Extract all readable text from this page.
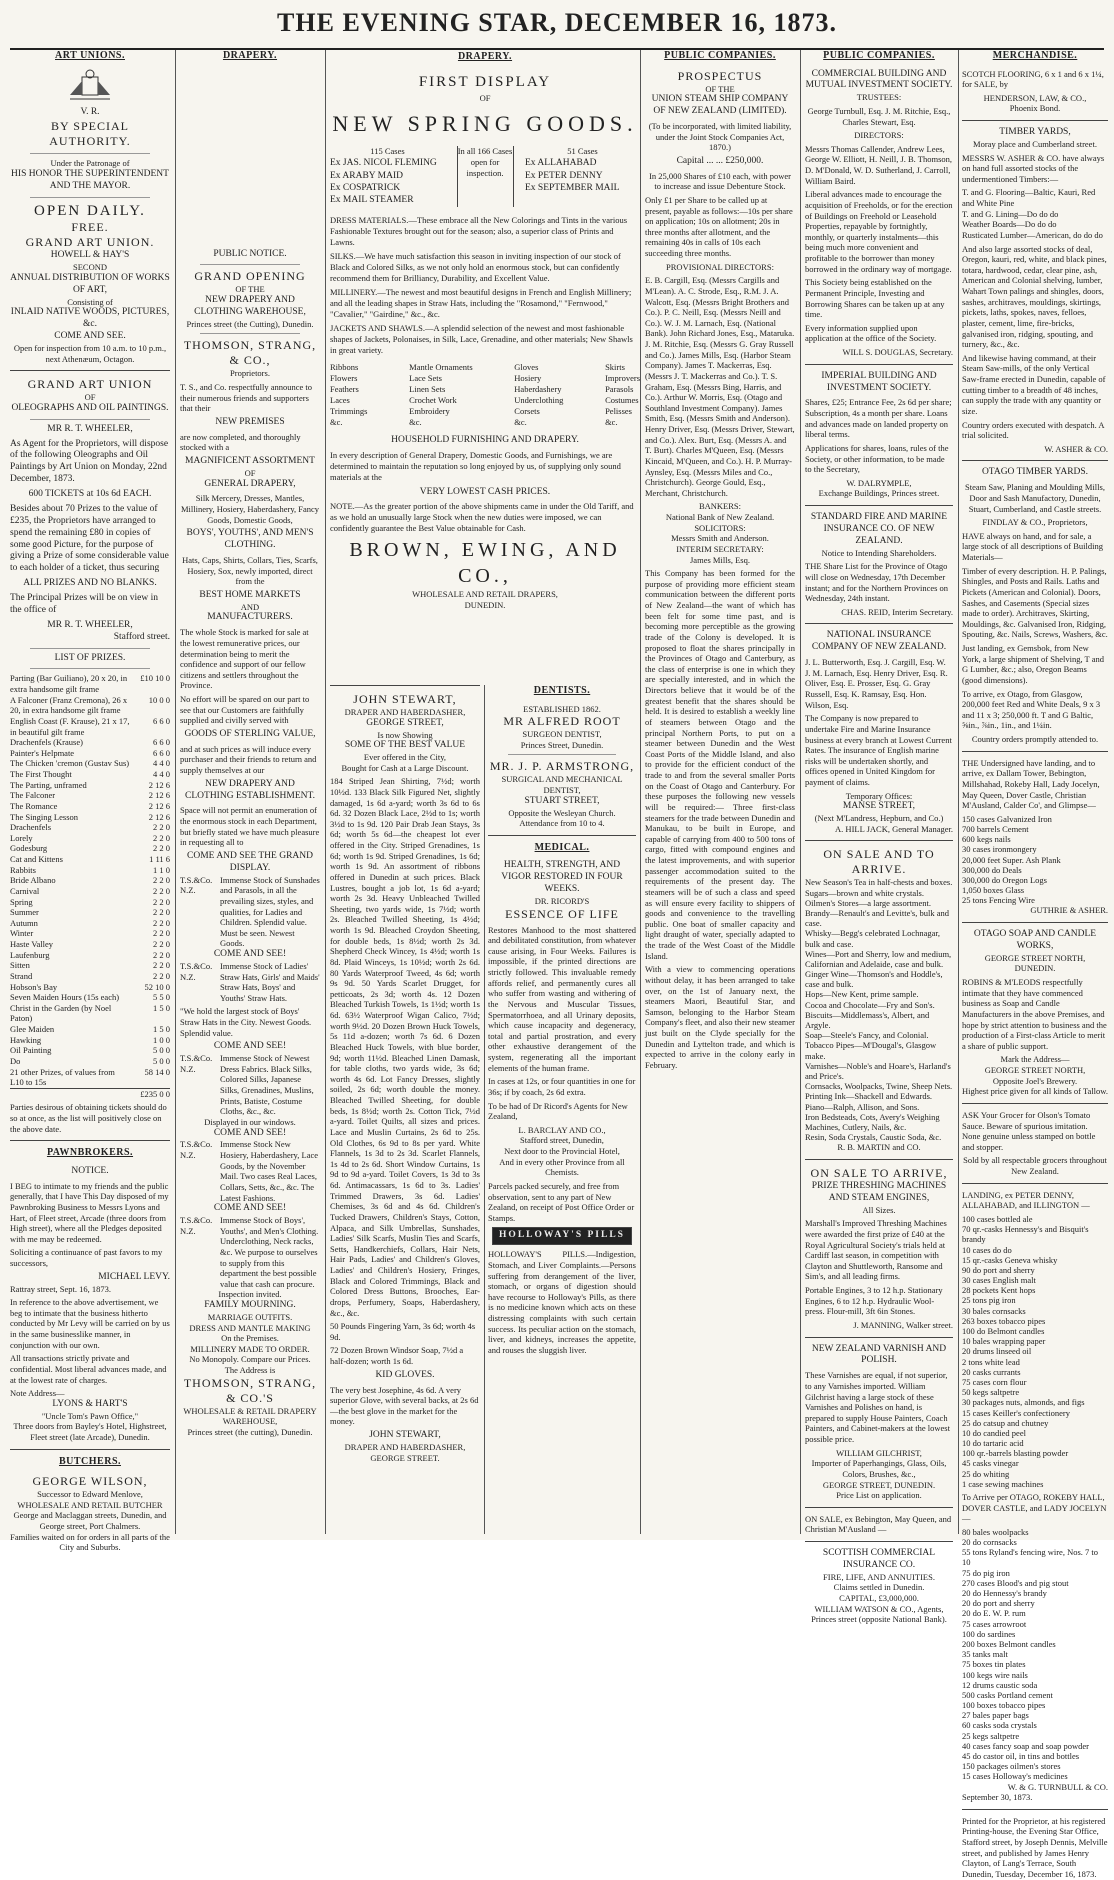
THE EVENING STAR, DECEMBER 16, 1873.
ART UNIONS.
V. R.
BY SPECIAL AUTHORITY.
Under the Patronage of
HIS HONOR THE SUPERINTENDENT AND THE MAYOR.
OPEN DAILY.
FREE.
GRAND ART UNION.
HOWELL & HAY'S
SECOND
ANNUAL DISTRIBUTION OF WORKS OF ART,
Consisting of
INLAID NATIVE WOODS, PICTURES, &c.
COME AND SEE.
Open for inspection from 10 a.m. to 10 p.m., next Athenæum, Octagon.
GRAND ART UNION
OF
OLEOGRAPHS AND OIL PAINTINGS.
MR R. T. WHEELER,

As Agent for the Proprietors, will dispose of the following Oleographs and Oil Paintings by Art Union on Monday, 22nd December, 1873.

600 TICKETS at 10s 6d EACH.

Besides about 70 Prizes to the value of £235, the Proprietors have arranged to spend the remaining £80 in copies of some good Picture, for the purpose of giving a Prize of some considerable value to each holder of a ticket, thus securing

ALL PRIZES AND NO BLANKS.

The Principal Prizes will be on view in the office of

MR R. T. WHEELER,
Stafford street.
LIST OF PRIZES.
Parting (Bar Guiliano), 20 x 20, in extra handsome gilt frame
£10 10 0
A Falconer (Franz Cremona), 26 x 20, in extra handsome gilt frame
10 0 0
English Coast (F. Krause), 21 x 17, in beautiful gilt frame
6 6 0
Drachenfels (Krause)	6 6 0
Painter's Helpmate	6 6 0
The Chicken 'cremon (Gustav Sus)	4 4 0
The First Thought	4 4 0
The Parting, unframed	2 12 6
The Falconer	2 12 6
The Romance	2 12 6
The Singing Lesson	2 12 6
Drachenfels	2 2 0
Lorely	2 2 0
Godesburg	2 2 0
Cat and Kittens	1 11 6
Rabbits	1 1 0
Bride Albano	2 2 0
Carnival	2 2 0
Spring	2 2 0
Summer	2 2 0
Autumn	2 2 0
Winter	2 2 0
Haste Valley	2 2 0
Laufenburg	2 2 0
Sitten	2 2 0
Strand	2 2 0
Hobson's Bay	52 10 0
Seven Maiden Hours (15s each)	5 5 0
Christ in the Garden (by Noel Paton)
1 5 0
Glee Maiden	1 5 0
Hawking	1 0 0
Oil Painting	5 0 0
Do	5 0 0
21 other Prizes, of values from L10 to 15s
58 14 0
£235 0 0

Parties desirous of obtaining tickets should do so at once, as the list will positively close on the above date.

PAWNBROKERS.
NOTICE.

I BEG to intimate to my friends and the public generally, that I have This Day disposed of my Pawnbroking Business to Messrs Lyons and Hart, of Fleet street, Arcade (three doors from High street), where all the Pledges deposited with me may be redeemed.

Soliciting a continuance of past favors to my successors,

MICHAEL LEVY.
Rattray street, Sept. 16, 1873.

In reference to the above advertisement, we beg to intimate that the business hitherto conducted by Mr Levy will be carried on by us in the same businesslike manner, in conjunction with our own.

All transactions strictly private and confidential. Most liberal advances made, and at the lowest rate of charges.

Note Address—
LYONS & HART'S
"Uncle Tom's Pawn Office,"
Three doors from Bayley's Hotel, Highstreet, Fleet street (late Arcade), Dunedin.
BUTCHERS.
GEORGE WILSON,
Successor to Edward Menlove,
WHOLESALE AND RETAIL BUTCHER
George and Maclaggan streets, Dunedin, and George street, Port Chalmers.
Families waited on for orders in all parts of the City and Suburbs.
DRAPERY.
PUBLIC NOTICE.
GRAND OPENING
OF THE
NEW DRAPERY AND CLOTHING WAREHOUSE,
Princes street (the Cutting), Dunedin.
THOMSON, STRANG, & CO.,
Proprietors.

T. S., and Co. respectfully announce to their numerous friends and supporters that their

NEW PREMISES

are now completed, and thoroughly stocked with a

MAGNIFICENT ASSORTMENT
OF
GENERAL DRAPERY,

Silk Mercery, Dresses, Mantles, Millinery, Hosiery, Haberdashery, Fancy Goods, Domestic Goods,

BOYS', YOUTHS', AND MEN'S CLOTHING.

Hats, Caps, Shirts, Collars, Ties, Scarfs, Hosiery, Sox, newly imported, direct from the

BEST HOME MARKETS
AND
MANUFACTURERS.

The whole Stock is marked for sale at the lowest remunerative prices, our determination being to merit the confidence and support of our fellow citizens and settlers throughout the Province.

No effort will be spared on our part to see that our Customers are faithfully supplied and civilly served with

GOODS OF STERLING VALUE,

and at such prices as will induce every purchaser and their friends to return and supply themselves at our

NEW DRAPERY AND CLOTHING ESTABLISHMENT.

Space will not permit an enumeration of the enormous stock in each Department, but briefly stated we have much pleasure in requesting all to

COME AND SEE THE GRAND DISPLAY.
T.S.&Co. N.Z.
Immense Stock of Sunshades and Parasols, in all the prevailing sizes, styles, and qualities, for Ladies and Children. Splendid value. Must be seen. Newest Goods.
COME AND SEE!
T.S.&Co. N.Z.
Immense Stock of Ladies' Straw Hats, Girls' and Maids' Straw Hats, Boys' and Youths' Straw Hats.

"We hold the largest stock of Boys' Straw Hats in the City. Newest Goods. Splendid value.

COME AND SEE!
T.S.&Co. N.Z.
Immense Stock of Newest Dress Fabrics. Black Silks, Colored Silks, Japanese Silks, Grenadines, Muslins, Prints, Batiste, Costume Cloths, &c., &c.
Displayed in our windows.
COME AND SEE!
T.S.&Co. N.Z.
Immense Stock New Hosiery, Haberdashery, Lace Goods, by the November Mail. Two cases Real Laces, Collars, Setts, &c., &c. The Latest Fashions.
COME AND SEE!
T.S.&Co. N.Z.
Immense Stock of Boys', Youths', and Men's Clothing. Underclothing, Neck racks, &c. We purpose to ourselves to supply from this department the best possible value that cash can procure.
Inspection invited.
FAMILY MOURNING.
MARRIAGE OUTFITS.
DRESS AND MANTLE MAKING
On the Premises.
MILLINERY MADE TO ORDER.
No Monopoly. Compare our Prices.
The Address is
THOMSON, STRANG, & CO.'S
WHOLESALE & RETAIL DRAPERY
WAREHOUSE,
Princes street (the cutting), Dunedin.
DRAPERY.
FIRST DISPLAY
OF
NEW SPRING GOODS.
115 Cases
Ex JAS. NICOL FLEMING
Ex ARABY MAID
Ex COSPATRICK
Ex MAIL STEAMER
In all 166 Cases open for inspection.
51 Cases
Ex ALLAHABAD
Ex PETER DENNY
Ex SEPTEMBER MAIL

DRESS MATERIALS.—These embrace all the New Colorings and Tints in the various Fashionable Textures brought out for the season; also, a superior class of Prints and Lawns.

SILKS.—We have much satisfaction this season in inviting inspection of our stock of Black and Colored Silks, as we not only hold an enormous stock, but can confidently recommend them for Brilliancy, Durability, and Excellent Value.

MILLINERY.—The newest and most beautiful designs in French and English Millinery; and all the leading shapes in Straw Hats, including the "Rosamond," "Fernwood," "Cavalier," "Gairdine," &c., &c.

JACKETS AND SHAWLS.—A splendid selection of the newest and most fashionable shapes of Jackets, Polonaises, in Silk, Lace, Grenadine, and other materials; New Shawls in great variety.

Ribbons
Flowers
Feathers
Laces
Trimmings
&c.
Mantle Ornaments
Lace Sets
Linen Sets
Crochet Work
Embroidery
&c.
Gloves
Hosiery
Haberdashery
Underclothing
Corsets
&c.
Skirts
Improvers
Parasols
Costumes
Pelisses
&c.
HOUSEHOLD FURNISHING AND DRAPERY.

In every description of General Drapery, Domestic Goods, and Furnishings, we are determined to maintain the reputation so long enjoyed by us, of supplying only sound materials at the

VERY LOWEST CASH PRICES.

NOTE.—As the greater portion of the above shipments came in under the Old Tariff, and as we hold an unusually large Stock when the new duties were imposed, we can confidently guarantee the Best Value obtainable for Cash.

BROWN, EWING, AND CO.,
WHOLESALE AND RETAIL DRAPERS,
DUNEDIN.
JOHN STEWART,
DRAPER AND HABERDASHER,
GEORGE STREET,
Is now Showing
SOME OF THE BEST VALUE
Ever offered in the City,
Bought for Cash at a Large Discount.

184 Striped Jean Shirting, 7½d; worth 10½d. 133 Black Silk Figured Net, slightly damaged, 1s 6d a-yard; worth 3s 6d to 6s 6d. 32 Dozen Black Lace, 2½d to 1s; worth 3½d to 1s 9d. 120 Pair Drab Jean Stays, 3s 6d; worth 5s 6d—the cheapest lot ever offered in the City. Striped Grenadines, 1s 6d; worth 1s 9d. Striped Grenadines, 1s 6d; worth 1s 9d. An assortment of ribbons offered in Dunedin at such prices. Black Lustres, bought a job lot, 1s 6d a-yard; worth 2s 3d. Heavy Unbleached Twilled Sheeting, two yards wide, 1s 7½d; worth 2s. Bleached Twilled Sheeting, 1s 4½d; worth 1s 9d. Bleached Croydon Sheeting, for double beds, 1s 8½d; worth 2s 3d. Shepherd Check Wincey, 1s 4½d; worth 1s 8d. Plaid Winceys, 1s 10½d; worth 2s 6d. 80 Yards Waterproof Tweed, 4s 6d; worth 9s 9d. 50 Yards Scarlet Drugget, for petticoats, 2s 3d; worth 4s. 12 Dozen Bleached Turkish Towels, 1s 1½d; worth 1s 6d. 63½ Waterproof Wigan Calico, 7½d; worth 9½d. 20 Dozen Brown Huck Towels, 5s 11d a-dozen; worth 7s 6d. 6 Dozen Bleached Huck Towels, with blue border, 9d; worth 11½d. Bleached Linen Damask, for table cloths, two yards wide, 3s 6d; worth 4s 6d. Lot Fancy Dresses, slightly soiled, 2s 6d; worth double the money. Bleached Twilled Sheeting, for double beds, 1s 8½d; worth 2s. Cotton Tick, 7½d a-yard. Toilet Quilts, all sizes and prices. Lace and Muslin Curtains, 2s 6d to 25s. Old Clothes, 6s 9d to 8s per yard. White Flannels, 1s 3d to 2s 3d. Scarlet Flannels, 1s 4d to 2s 6d. Short Window Curtains, 1s 9d to 9d a-yard. Toilet Covers, 1s 3d to 3s 6d. Antimacassars, 1s 6d to 3s. Ladies' Trimmed Drawers, 3s 6d. Ladies' Chemises, 3s 6d and 4s 6d. Children's Tucked Drawers, Children's Stays, Cotton, Alpaca, and Silk Umbrellas, Sunshades, Ladies' Silk Scarfs, Muslin Ties and Scarfs, Setts, Handkerchiefs, Collars, Hair Nets, Hair Pads, Ladies' and Children's Gloves, Ladies' and Children's Hosiery, Fringes, Black and Colored Trimmings, Black and Colored Dress Buttons, Brooches, Ear-drops, Perfumery, Soaps, Haberdashery, &c., &c.

50 Pounds Fingering Yarn, 3s 6d; worth 4s 9d.

72 Dozen Brown Windsor Soap, 7½d a half-dozen; worth 1s 6d.

KID GLOVES.

The very best Josephine, 4s 6d. A very superior Glove, with several backs, at 2s 6d—the best glove in the market for the money.

JOHN STEWART,
DRAPER AND HABERDASHER,
GEORGE STREET.
DENTISTS.
ESTABLISHED 1862.
MR ALFRED ROOT
SURGEON DENTIST,
Princes Street, Dunedin.
MR. J. P. ARMSTRONG,
SURGICAL AND MECHANICAL DENTIST,
STUART STREET,
Opposite the Wesleyan Church.
Attendance from 10 to 4.
MEDICAL.
HEALTH, STRENGTH, AND VIGOR RESTORED IN FOUR WEEKS.
DR. RICORD'S
ESSENCE OF LIFE

Restores Manhood to the most shattered and debilitated constitution, from whatever cause arising, in Four Weeks. Failures is impossible, if the printed directions are strictly followed. This invaluable remedy affords relief, and permanently cures all who suffer from wasting and withering of the Nervous and Muscular Tissues, Spermatorrhoea, and all Urinary deposits, which cause incapacity and degeneracy, total and partial prostration, and every other exhaustive derangement of the system, regenerating all the important elements of the human frame.

In cases at 12s, or four quantities in one for 36s; if by coach, 2s 6d extra.

To be had of Dr Ricord's Agents for New Zealand,

L. BARCLAY AND CO.,
Stafford street, Dunedin,
Next door to the Provincial Hotel,
And in every other Province from all Chemists.

Parcels packed securely, and free from observation, sent to any part of New Zealand, on receipt of Post Office Order or Stamps.

HOLLOWAY'S PILLS

HOLLOWAY'S PILLS.—Indigestion, Stomach, and Liver Complaints.—Persons suffering from derangement of the liver, stomach, or organs of digestion should have recourse to Holloway's Pills, as there is no medicine known which acts on these distressing complaints with such certain success. Its peculiar action on the stomach, liver, and kidneys, increases the appetite, and rouses the sluggish liver.

PUBLIC COMPANIES.
PROSPECTUS
OF THE
UNION STEAM SHIP COMPANY OF NEW ZEALAND (LIMITED).

(To be incorporated, with limited liability, under the Joint Stock Companies Act, 1870.)

Capital ... ... £250,000.

In 25,000 Shares of £10 each, with power to increase and issue Debenture Stock.

Only £1 per Share to be called up at present, payable as follows:—10s per share on application; 10s on allotment; 20s in three months after allotment, and the remaining 40s in calls of 10s each succeeding three months.

PROVISIONAL DIRECTORS:

E. B. Cargill, Esq. (Messrs Cargills and M'Lean). A. C. Strode, Esq., R.M. J. A. Walcott, Esq. (Messrs Bright Brothers and Co.). P. C. Neill, Esq. (Messrs Neill and Co.). W. J. M. Larnach, Esq. (National Bank). John Richard Jones, Esq., Mataruka. J. M. Ritchie, Esq. (Messrs G. Gray Russell and Co.). James Mills, Esq. (Harbor Steam Company). James T. Mackerras, Esq. (Messrs J. T. Mackerras and Co.). T. S. Graham, Esq. (Messrs Bing, Harris, and Co.). Arthur W. Morris, Esq. (Otago and Southland Investment Company). James Smith, Esq. (Messrs Smith and Anderson). Henry Driver, Esq. (Messrs Driver, Stewart, and Co.). Alex. Burt, Esq. (Messrs A. and T. Burt). Charles M'Queen, Esq. (Messrs Kincaid, M'Queen, and Co.). H. P. Murray-Aynsley, Esq. (Messrs Miles and Co., Christchurch). George Gould, Esq., Merchant, Christchurch.

BANKERS:
National Bank of New Zealand.
SOLICITORS:
Messrs Smith and Anderson.
INTERIM SECRETARY:
James Mills, Esq.

This Company has been formed for the purpose of providing more efficient steam communication between the different ports of New Zealand—the want of which has been felt for some time past, and is becoming more perceptible as the growing trade of the Colony is developed. It is proposed to float the shares principally in the Provinces of Otago and Canterbury, as the class of enterprise is one in which they are specially interested, and in which the Directors believe that it would be of the greatest benefit that the shares should be held. It is desired to establish a weekly line of steamers between Otago and the principal Northern Ports, to put on a steamer between Dunedin and the West Coast Ports of the Middle Island, and also to provide for the efficient conduct of the trade to and from the several smaller Ports on the Coast of Otago and Canterbury. For these purposes the following new vessels will be required:— Three first-class steamers for the trade between Dunedin and Manukau, to be built in Europe, and capable of carrying from 400 to 500 tons of cargo, fitted with compound engines and the latest improvements, and with superior passenger accommodation suited to the requirements of the present day. The steamers will be of such a class and speed as will ensure every facility to shippers of goods and convenience to the travelling public. One boat of smaller capacity and light draught of water, specially adapted to the trade of the West Coast of the Middle Island.

With a view to commencing operations without delay, it has been arranged to take over, on the 1st of January next, the steamers Maori, Beautiful Star, and Samson, belonging to the Harbor Steam Company's fleet, and also their new steamer just built on the Clyde specially for the Dunedin and Lyttelton trade, and which is expected to arrive in the colony early in February.

PUBLIC COMPANIES.
COMMERCIAL BUILDING AND MUTUAL INVESTMENT SOCIETY.
TRUSTEES:

George Turnbull, Esq. J. M. Ritchie, Esq., Charles Stewart, Esq.

DIRECTORS:

Messrs Thomas Callender, Andrew Lees, George W. Elliott, H. Neill, J. B. Thomson, D. M'Donald, W. D. Sutherland, J. Carroll, William Baird.

Liberal advances made to encourage the acquisition of Freeholds, or for the erection of Buildings on Freehold or Leasehold Properties, repayable by fortnightly, monthly, or quarterly instalments—this being much more convenient and profitable to the borrower than money borrowed in the ordinary way of mortgage.

This Society being established on the Permanent Principle, Investing and Borrowing Shares can be taken up at any time.

Every information supplied upon application at the office of the Society.

WILL S. DOUGLAS, Secretary.
IMPERIAL BUILDING AND INVESTMENT SOCIETY.

Shares, £25; Entrance Fee, 2s 6d per share; Subscription, 4s a month per share. Loans and advances made on landed property on liberal terms.

Applications for shares, loans, rules of the Society, or other information, to be made to the Secretary,

W. DALRYMPLE,
Exchange Buildings, Princes street.
STANDARD FIRE AND MARINE INSURANCE CO. OF NEW ZEALAND.
Notice to Intending Shareholders.

THE Share List for the Province of Otago will close on Wednesday, 17th December instant; and for the Northern Provinces on Wednesday, 24th instant.

CHAS. REID, Interim Secretary.
NATIONAL INSURANCE COMPANY OF NEW ZEALAND.

J. L. Butterworth, Esq. J. Cargill, Esq. W. J. M. Larnach, Esq. Henry Driver, Esq. R. Oliver, Esq. E. Prosser, Esq. G. Gray Russell, Esq. K. Ramsay, Esq. Hon. Wilson, Esq.

The Company is now prepared to undertake Fire and Marine Insurance business at every branch at Lowest Current Rates. The insurance of English marine risks will be undertaken shortly, and offices opened in United Kingdom for payment of claims.

Temporary Offices:
MANSE STREET,
(Next M'Landress, Hepburn, and Co.)
A. HILL JACK, General Manager.
ON SALE AND TO ARRIVE.
New Season's Tea in half-chests and boxes.
Sugars—brown and white crystals.
Oilmen's Stores—a large assortment.
Brandy—Renault's and Levitte's, bulk and case.
Whisky—Begg's celebrated Lochnagar, bulk and case.
Wines—Port and Sherry, low and medium, Californian and Adelaide, case and bulk.
Ginger Wine—Thomson's and Hoddle's, case and bulk.
Hops—New Kent, prime sample.
Cocoa and Chocolate—Fry and Son's.
Biscuits—Middlemass's, Albert, and Argyle.
Soap—Steele's Fancy, and Colonial.
Tobacco Pipes—M'Dougal's, Glasgow make.
Varnishes—Noble's and Hoare's, Harland's and Price's.
Cornsacks, Woolpacks, Twine, Sheep Nets.
Printing Ink—Shackell and Edwards.
Piano—Ralph, Allison, and Sons.
Iron Bedsteads, Cots, Avery's Weighing Machines, Cutlery, Nails, &c.
Resin, Soda Crystals, Caustic Soda, &c.
R. B. MARTIN and CO.
ON SALE TO ARRIVE,
PRIZE THRESHING MACHINES AND STEAM ENGINES,
All Sizes.

Marshall's Improved Threshing Machines were awarded the first prize of £40 at the Royal Agricultural Society's trials held at Cardiff last season, in competition with Clayton and Shuttleworth, Ransome and Sim's, and all leading firms.

Portable Engines, 3 to 12 h.p. Stationary Engines, 6 to 12 h.p. Hydraulic Wool-press. Flour-mill, 3ft 6in Stones.

J. MANNING, Walker street.
NEW ZEALAND VARNISH AND POLISH.

These Varnishes are equal, if not superior, to any Varnishes imported. William Gilchrist having a large stock of these Varnishes and Polishes on hand, is prepared to supply House Painters, Coach Painters, and Cabinet-makers at the lowest possible price.

WILLIAM GILCHRIST,
Importer of Paperhangings, Glass, Oils, Colors, Brushes, &c.,
GEORGE STREET, DUNEDIN.
Price List on application.

ON SALE, ex Bebington, May Queen, and Christian M'Ausland —

SCOTTISH COMMERCIAL INSURANCE CO.
FIRE, LIFE, AND ANNUITIES.
Claims settled in Dunedin.
CAPITAL, £3,000,000.
WILLIAM WATSON & CO., Agents,
Princes street (opposite National Bank).
MERCHANDISE.

SCOTCH FLOORING, 6 x 1 and 6 x 1¼, for SALE, by

HENDERSON, LAW, & CO.,
Phoenix Bond.
TIMBER YARDS,
Moray place and Cumberland street.

MESSRS W. ASHER & CO. have always on hand full assorted stocks of the undermentioned Timbers:—

T. and G. Flooring—Baltic, Kauri, Red and White Pine
T. and G. Lining—Do do do
Weather Boards—Do do do
Rusticated Lumber—American, do do do

And also large assorted stocks of deal, Oregon, kauri, red, white, and black pines, totara, hardwood, cedar, clear pine, ash, American and Colonial shelving, lumber, Wahart Town palings and shingles, doors, sashes, architraves, mouldings, skirtings, pickets, laths, spokes, naves, felloes, plaster, cement, lime, fire-bricks, galvanised iron, ridging, spouting, and turnery, &c., &c.

And likewise having command, at their Steam Saw-mills, of the only Vertical Saw-frame erected in Dunedin, capable of cutting timber to a breadth of 48 inches, can supply the trade with any quantity or size.

Country orders executed with despatch. A trial solicited.

W. ASHER & CO.
OTAGO TIMBER YARDS.

Steam Saw, Planing and Moulding Mills, Door and Sash Manufactory, Dunedin, Stuart, Cumberland, and Castle streets.

FINDLAY & CO., Proprietors,

HAVE always on hand, and for sale, a large stock of all descriptions of Building Materials—

Timber of every description. H. P. Palings, Shingles, and Posts and Rails. Laths and Pickets (American and Colonial). Doors, Sashes, and Casements (Special sizes made to order). Architraves, Skirting, Mouldings, &c. Galvanised Iron, Ridging, Spouting, &c. Nails, Screws, Washers, &c.

Just landing, ex Gemsbok, from New York, a large shipment of Shelving, T and G Lumber, &c.; also, Oregon Beams (good dimensions).

To arrive, ex Otago, from Glasgow, 200,000 feet Red and White Deals, 9 x 3 and 11 x 3; 250,000 ft. T and G Baltic, ⅝in., ⅞in., 1in., and 1¼in.

Country orders promptly attended to.

THE Undersigned have landing, and to arrive, ex Dallam Tower, Bebington, Millshahad, Rokeby Hall, Lady Jocelyn, May Queen, Dover Castle, Christian M'Ausland, Calder Co', and Glimpse—

150 cases Galvanized Iron
700 barrels Cement
600 kegs nails
30 cases ironmongery
20,000 feet Super. Ash Plank
300,000 do Deals
300,000 do Oregon Logs
1,050 boxes Glass
25 tons Fencing Wire
GUTHRIE & ASHER.
OTAGO SOAP AND CANDLE WORKS,
GEORGE STREET NORTH,
DUNEDIN.

ROBINS & M'LEODS respectfully intimate that they have commenced business as Soap and Candle Manufacturers in the above Premises, and hope by strict attention to business and the production of a First-class Article to merit a share of public support.

Mark the Address—
GEORGE STREET NORTH,
Opposite Joel's Brewery.
Highest price given for all kinds of Tallow.

ASK Your Grocer for Olson's Tomato Sauce. Beware of spurious imitation. None genuine unless stamped on bottle and stopper.

Sold by all respectable grocers throughout New Zealand.

LANDING, ex PETER DENNY, ALLAHABAD, and ILLINGTON —

100 cases bottled ale
70 qr.-casks Hennessy's and Bisquit's brandy
10 cases do do
15 qr.-casks Geneva whisky
90 do port and sherry
30 cases English malt
28 pockets Kent hops
25 tons pig iron
30 bales cornsacks
263 boxes tobacco pipes
100 do Belmont candles
10 bales wrapping paper
20 drums linseed oil
2 tons white lead
20 casks currants
75 cases corn flour
50 kegs saltpetre
30 packages nuts, almonds, and figs
15 cases Keiller's confectionery
25 do catsup and chutney
10 do candied peel
10 do tartaric acid
100 qr.-barrels blasting powder
45 casks vinegar
25 do whiting
1 case sewing machines

To Arrive per OTAGO, ROKEBY HALL, DOVER CASTLE, and LADY JOCELYN —

80 bales woolpacks
20 do cornsacks
55 tons Ryland's fencing wire, Nos. 7 to 10
75 do pig iron
270 cases Blood's and pig stout
20 do Hennessy's brandy
20 do port and sherry
20 do E. W. P. rum
75 cases arrowroot
100 do sardines
200 boxes Belmont candles
35 tanks malt
75 boxes tin plates
100 kegs wire nails
12 drums caustic soda
500 casks Portland cement
100 boxes tobacco pipes
27 bales paper bags
60 casks soda crystals
25 kegs saltpetre
40 cases fancy soap and soap powder
45 do castor oil, in tins and bottles
150 packages oilmen's stores
15 cases Holloway's medicines
W. & G. TURNBULL & CO.
September 30, 1873.

Printed for the Proprietor, at his registered Printing-house, the Evening Star Office, Stafford street, by Joseph Dennis, Melville street, and published by James Henry Clayton, of Lang's Terrace, South Dunedin, Tuesday, December 16, 1873.
